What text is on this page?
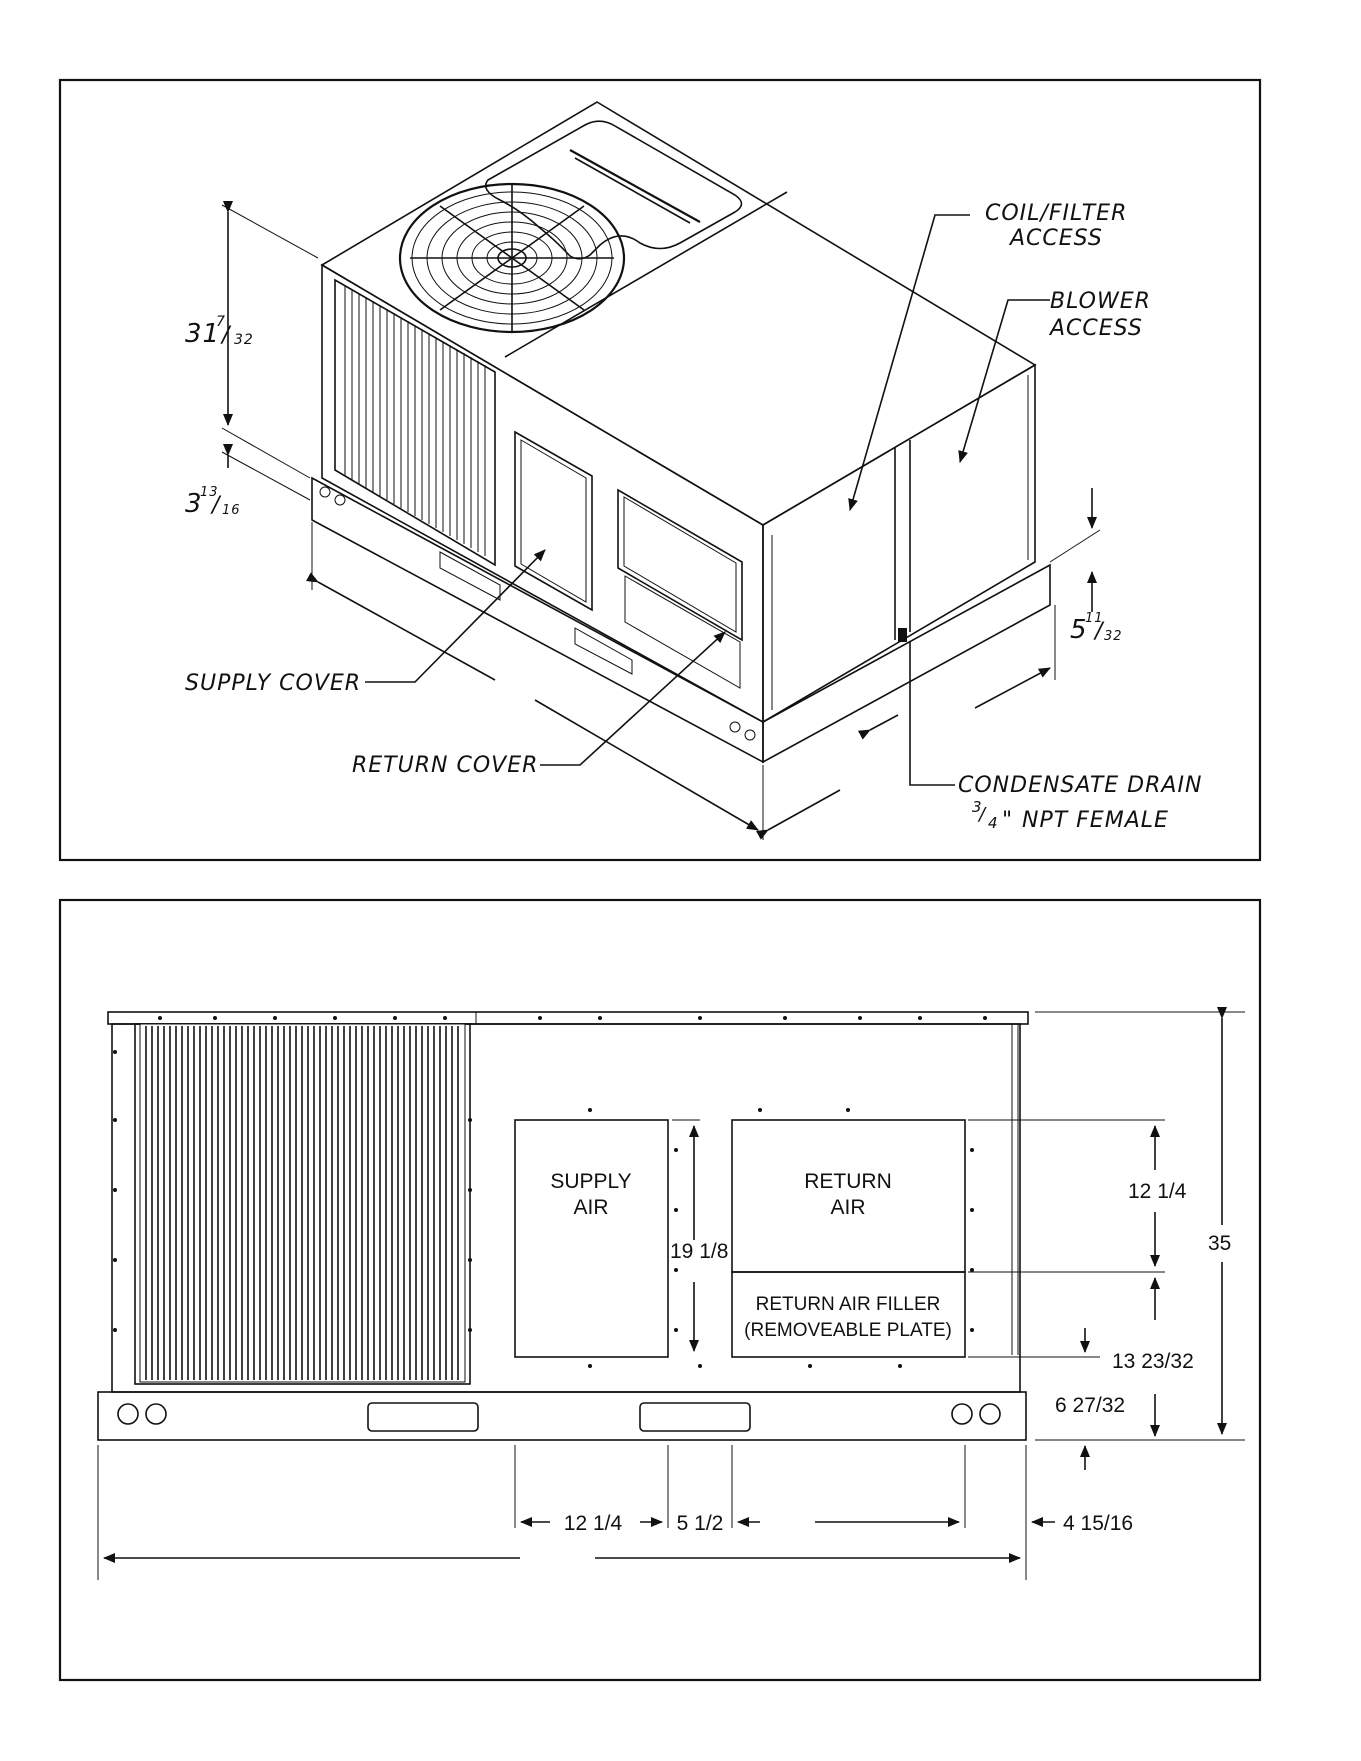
COIL/FILTER
ACCESS
BLOWER
ACCESS
SUPPLY COVER
RETURN COVER
CONDENSATE DRAIN
3
/ 4 " NPT FEMALE
31
7
/ 32
3
13
/ 16
5
11
/ 32
SUPPLY
AIR
RETURN
AIR
RETURN AIR FILLER
(REMOVEABLE PLATE)
19 1/8
12 1/4
35
13 23/32
6 27/32
12 1/4	5 1/2	4 15/16
